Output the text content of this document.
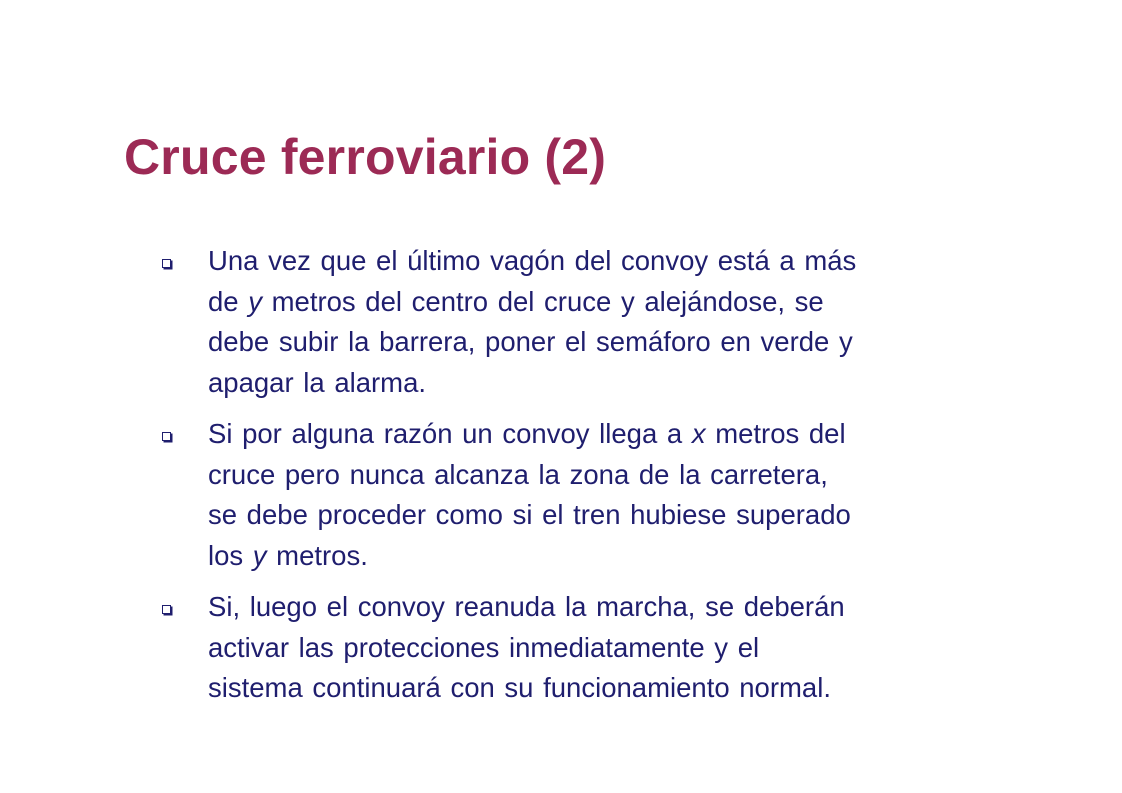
Cruce ferroviario (2)
Una vez que el último vagón del convoy está a más
de y metros del centro del cruce y alejándose, se
debe subir la barrera, poner el semáforo en verde y
apagar la alarma.
Si por alguna razón un convoy llega a x metros del
cruce pero nunca alcanza la zona de la carretera,
se debe proceder como si el tren hubiese superado
los y metros.
Si, luego el convoy reanuda la marcha, se deberán
activar las protecciones inmediatamente y el
sistema continuará con su funcionamiento normal.
